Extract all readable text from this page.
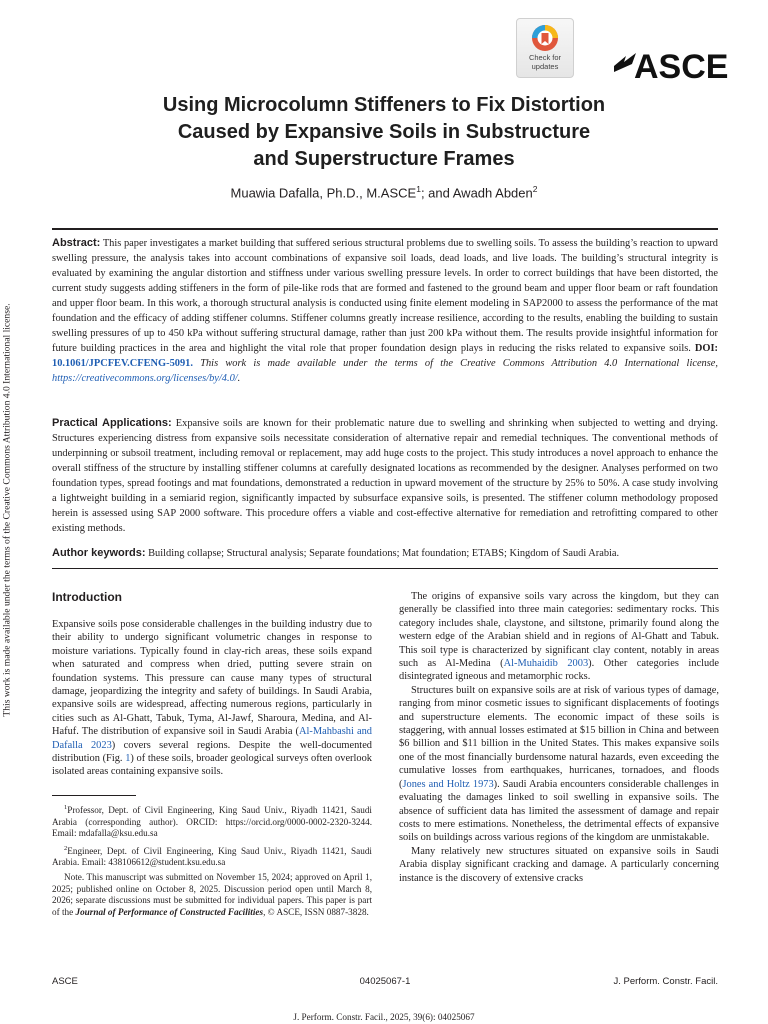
This work is made available under the terms of the Creative Commons Attribution 4.0 International license.
Check for
updates	ASCE
Using Microcolumn Stiffeners to Fix Distortion
Caused by Expansive Soils in Substructure
and Superstructure Frames
Muawia Dafalla, Ph.D., M.ASCE$^1$; and Awadh Abden$^2$
Abstract: This paper investigates a market building that suffered serious structural problems due to swelling soils. To assess the building’s reaction to upward swelling pressure, the analysis takes into account combinations of expansive soil loads, dead loads, and live loads. The building’s structural integrity is evaluated by examining the angular distortion and stiffness under various swelling pressure levels. In order to correct buildings that have been distorted, the current study suggests adding stiffeners in the form of pile-like rods that are formed and fastened to the ground beam and upper floor beam or raft foundation and upper floor beam. In this work, a thorough structural analysis is conducted using finite element modeling in SAP2000 to assess the performance of the mat foundation and the efficacy of adding stiffener columns. Stiffener columns greatly increase resilience, according to the results, enabling the building to sustain swelling pressures of up to 450 kPa without suffering structural damage, rather than just 200 kPa without them. The results provide insightful information for future building practices in the area and highlight the vital role that proper foundation design plays in reducing the risks related to expansive soils. DOI: 10.1061/JPCFEV.CFENG-5091. This work is made available under the terms of the Creative Commons Attribution 4.0 International license, https://creativecommons.org/licenses/by/4.0/.
Practical Applications: Expansive soils are known for their problematic nature due to swelling and shrinking when subjected to wetting and drying. Structures experiencing distress from expansive soils necessitate consideration of alternative repair and remedial techniques. The conventional methods of underpinning or subsoil treatment, including removal or replacement, may add huge costs to the project. This study introduces a novel approach to enhance the overall stiffness of the structure by installing stiffener columns at carefully designated locations as recommended by the designer. Analyses performed on two foundation types, spread footings and mat foundations, demonstrated a reduction in upward movement of the structure by 25% to 50%. A case study involving a lightweight building in a semiarid region, significantly impacted by subsurface expansive soils, is presented. The stiffener column methodology proposed herein is assessed using SAP 2000 software. This procedure offers a viable and cost-effective alternative for remediation and retrofitting compared to other existing methods.
Author keywords: Building collapse; Structural analysis; Separate foundations; Mat foundation; ETABS; Kingdom of Saudi Arabia.
Introduction

Expansive soils pose considerable challenges in the building industry due to their ability to undergo significant volumetric changes in response to moisture variations. Typically found in clay-rich areas, these soils expand when saturated and compress when dried, putting severe strain on foundation systems. This pressure can cause many types of structural damage, jeopardizing the integrity and safety of buildings. In Saudi Arabia, expansive soils are widespread, affecting numerous regions, particularly in cities such as Al-Ghatt, Tabuk, Tyma, Al-Jawf, Sharoura, Medina, and Al-Hafuf. The distribution of expansive soil in Saudi Arabia (Al-Mahbashi and Dafalla 2023) covers several regions. Despite the well-documented distribution (Fig. 1) of these soils, broader geological surveys often overlook isolated areas containing expansive soils.

$^1$Professor, Dept. of Civil Engineering, King Saud Univ., Riyadh 11421, Saudi Arabia (corresponding author). ORCID: https://orcid.org/0000-0002-2320-3244. Email: mdafalla@ksu.edu.sa

$^2$Engineer, Dept. of Civil Engineering, King Saud Univ., Riyadh 11421, Saudi Arabia. Email: 438106612@student.ksu.edu.sa

Note. This manuscript was submitted on November 15, 2024; approved on April 1, 2025; published online on October 8, 2025. Discussion period open until March 8, 2026; separate discussions must be submitted for individual papers. This paper is part of the Journal of Performance of Constructed Facilities, © ASCE, ISSN 0887-3828.

The origins of expansive soils vary across the kingdom, but they can generally be classified into three main categories: sedimentary rocks. This category includes shale, claystone, and siltstone, primarily found along the western edge of the Arabian shield and in regions of Al-Ghatt and Tabuk. This soil type is characterized by significant clay content, notably in areas such as Al-Medina (Al-Muhaidib 2003). Other categories include disintegrated igneous and metamorphic rocks.

Structures built on expansive soils are at risk of various types of damage, ranging from minor cosmetic issues to significant displacements of footings and superstructure elements. The economic impact of these soils is staggering, with annual losses estimated at $15 billion in China and between $6 billion and $11 billion in the United States. This makes expansive soils one of the most financially burdensome natural hazards, even exceeding the cumulative losses from earthquakes, hurricanes, tornadoes, and floods (Jones and Holtz 1973). Saudi Arabia encounters considerable challenges in evaluating the damages linked to soil swelling in expansive soils. The absence of sufficient data has limited the assessment of damage and repair costs to mere estimations. Nonetheless, the detrimental effects of expansive soils on buildings across various regions of the kingdom are unmistakable.

Many relatively new structures situated on expansive soils in Saudi Arabia display significant cracking and damage. A particularly concerning instance is the discovery of extensive cracks

ASCE	04025067-1	J. Perform. Constr. Facil.
J. Perform. Constr. Facil., 2025, 39(6): 04025067
